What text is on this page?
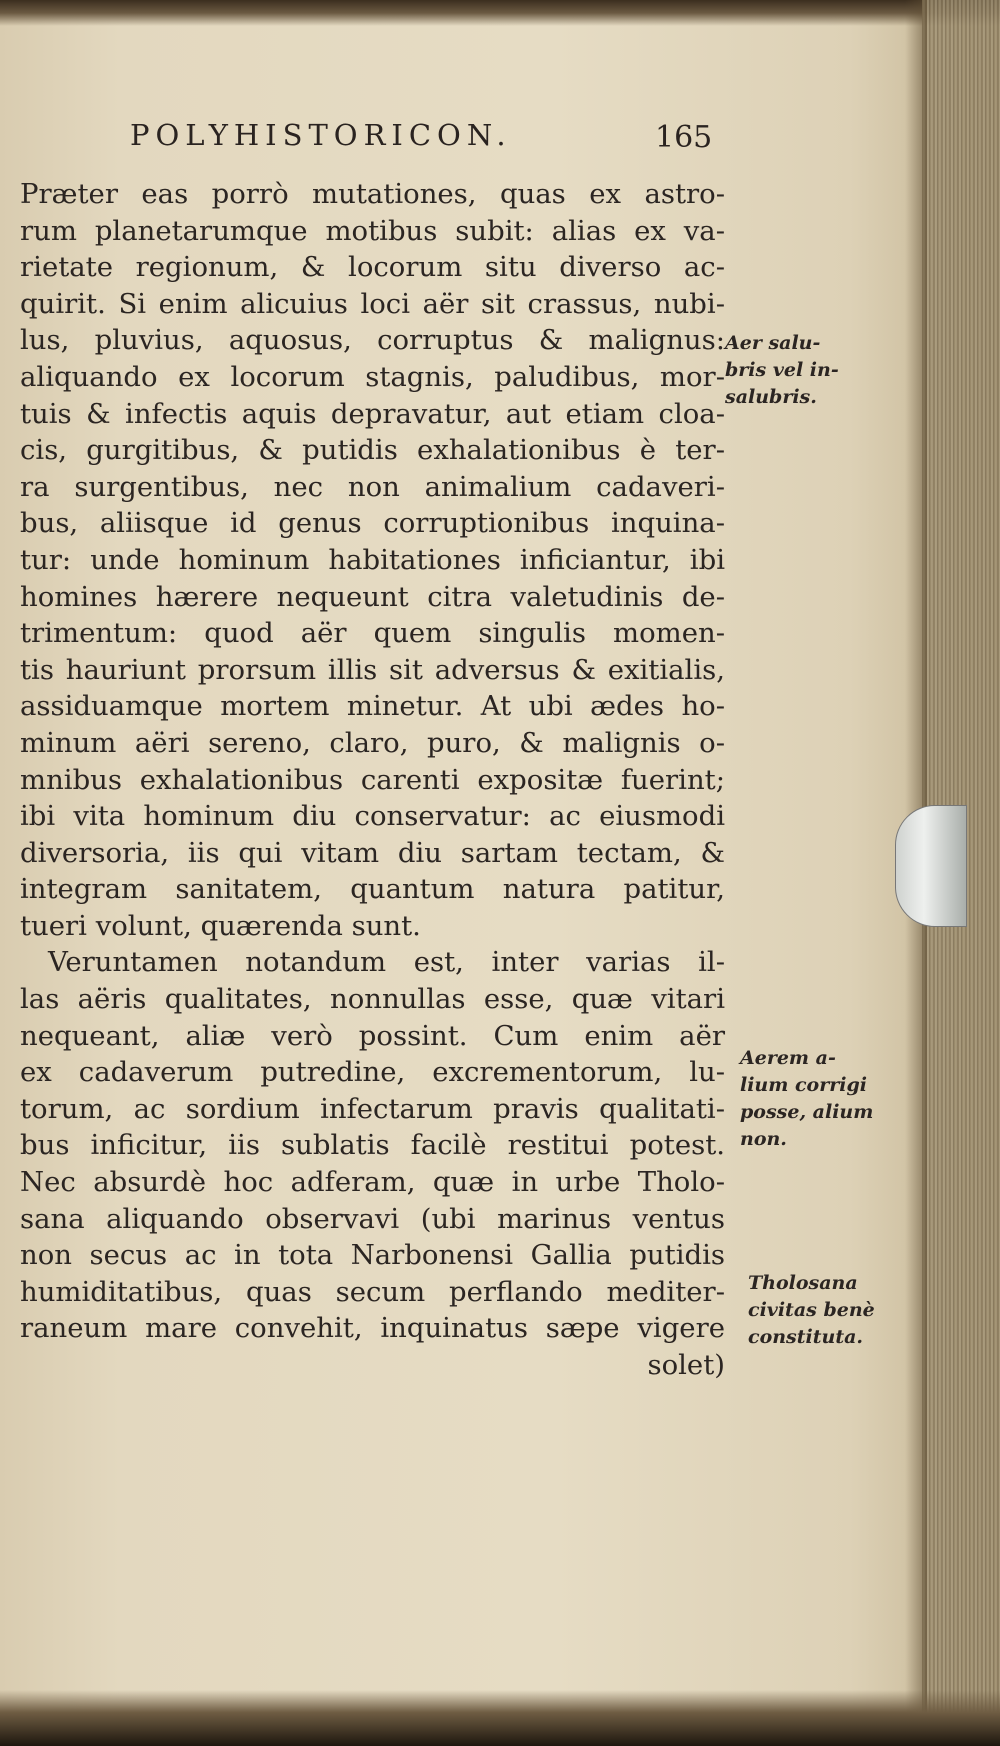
POLYHISTORICON.	165
Præter eas porrò mutationes, quas ex astro-
rum planetarumque motibus subit: alias ex va-
rietate regionum, & locorum situ diverso ac-
quirit. Si enim alicuius loci aër sit crassus, nubi-
lus, pluvius, aquosus, corruptus & malignus:
aliquando ex locorum stagnis, paludibus, mor-
tuis & infectis aquis depravatur, aut etiam cloa-
cis, gurgitibus, & putidis exhalationibus è ter-
ra surgentibus, nec non animalium cadaveri-
bus, aliisque id genus corruptionibus inquina-
tur: unde hominum habitationes inficiantur, ibi
homines hærere nequeunt citra valetudinis de-
trimentum: quod aër quem singulis momen-
tis hauriunt prorsum illis sit adversus & exitialis,
assiduamque mortem minetur. At ubi ædes ho-
minum aëri sereno, claro, puro, & malignis o-
mnibus exhalationibus carenti expositæ fuerint;
ibi vita hominum diu conservatur: ac eiusmodi
diversoria, iis qui vitam diu sartam tectam, &
integram sanitatem, quantum natura patitur,
tueri volunt, quærenda sunt.
Veruntamen notandum est, inter varias il-
las aëris qualitates, nonnullas esse, quæ vitari
nequeant, aliæ verò possint. Cum enim aër
ex cadaverum putredine, excrementorum, lu-
torum, ac sordium infectarum pravis qualitati-
bus inficitur, iis sublatis facilè restitui potest.
Nec absurdè hoc adferam, quæ in urbe Tholo-
sana aliquando observavi (ubi marinus ventus
non secus ac in tota Narbonensi Gallia putidis
humiditatibus, quas secum perflando mediter-
raneum mare convehit, inquinatus sæpe vigere
solet)
Aer salu-
bris vel in-
salubris.
Aerem a-
lium corrigi
posse, alium
non.
Tholosana
civitas benè
constituta.
